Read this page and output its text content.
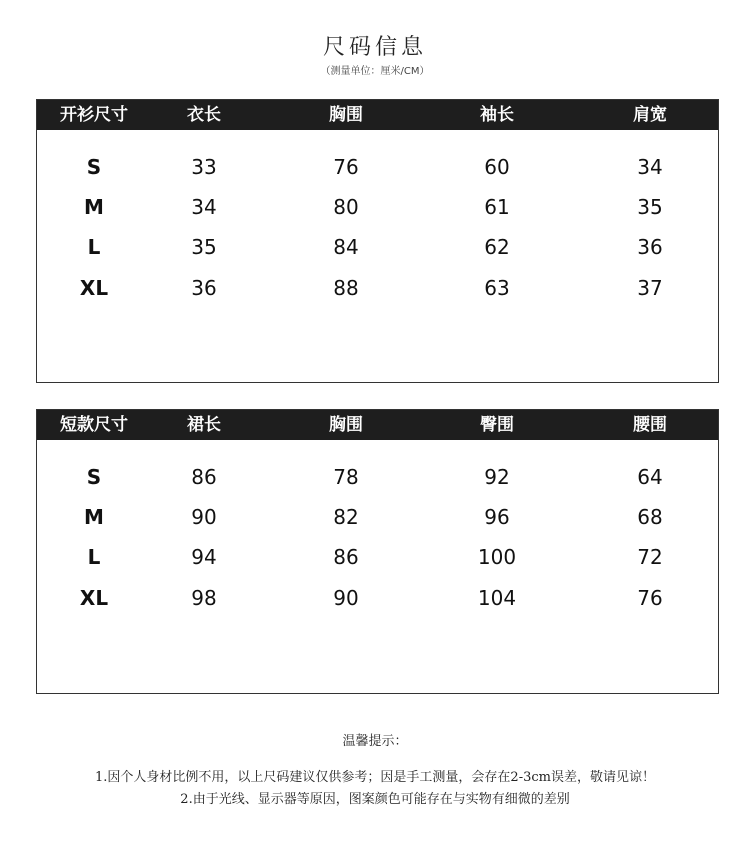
尺码信息
（测量单位：厘米/CM）
开衫尺寸	衣长	胸围	袖长	肩宽
S	33	76	60	34
M	34	80	61	35
L	35	84	62	36
XL	36	88	63	37
短款尺寸	裙长	胸围	臀围	腰围
S	86	78	92	64
M	90	82	96	68
L	94	86	100	72
XL	98	90	104	76
温馨提示：
1.因个人身材比例不用，以上尺码建议仅供参考；因是手工测量，会存在2-3cm误差，敬请见谅！
2.由于光线、显示器等原因，图案颜色可能存在与实物有细微的差别
